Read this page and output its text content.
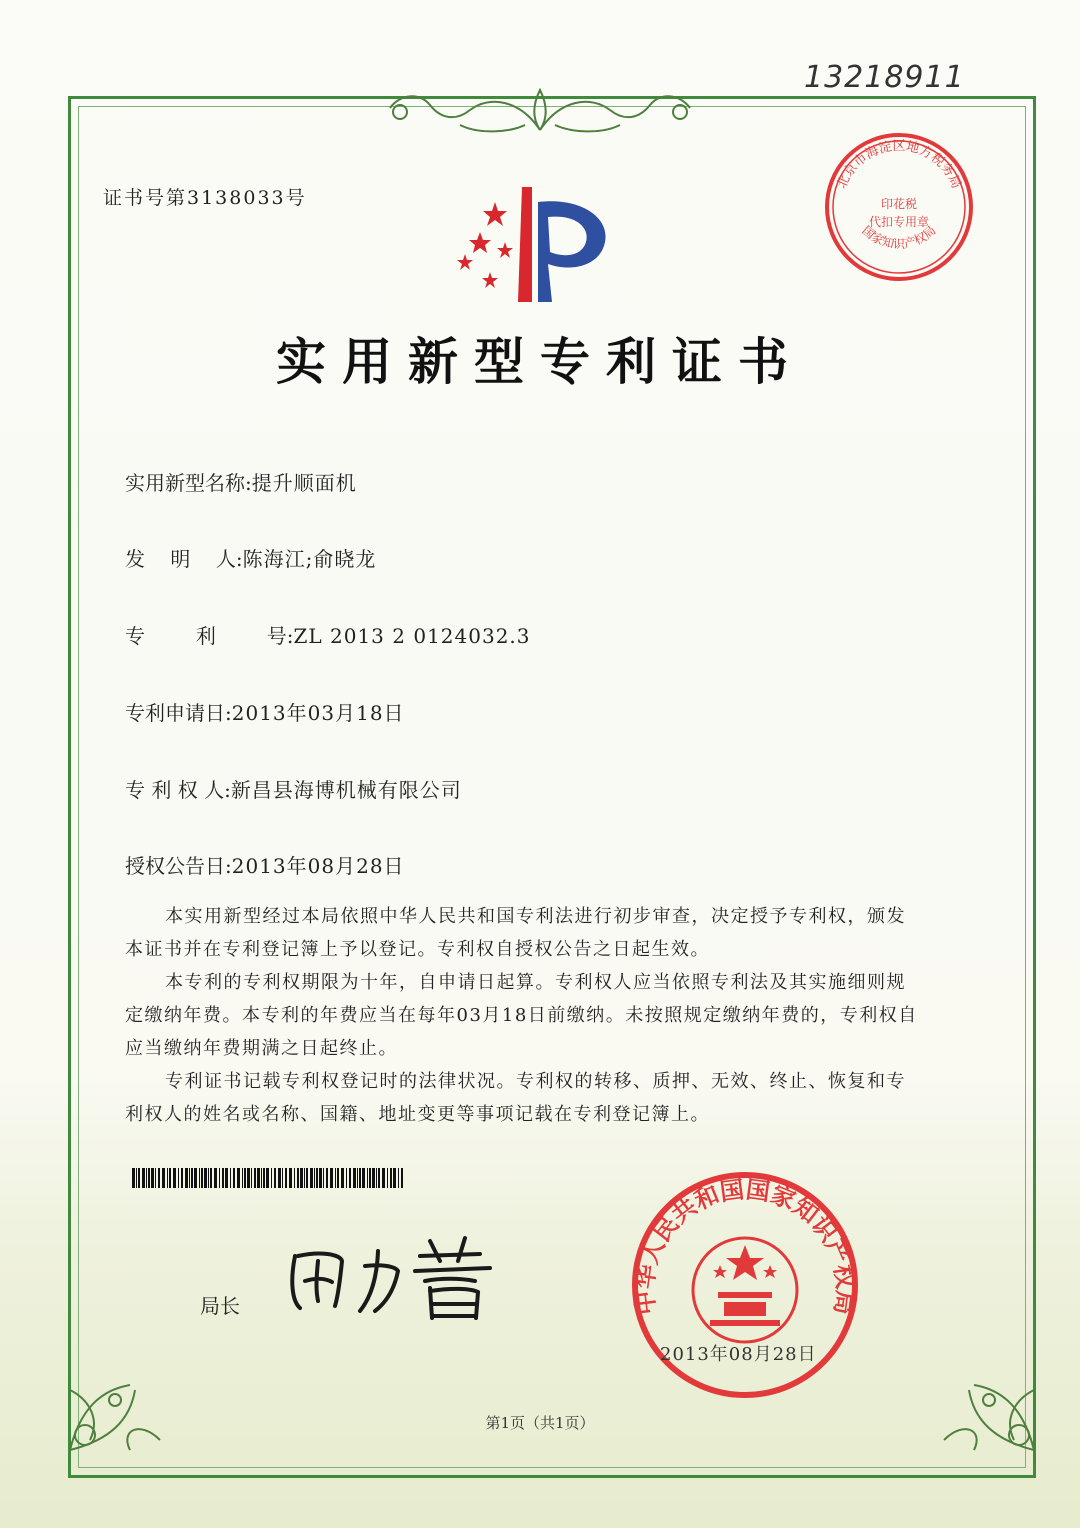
13218911
证书号第3138033号
北京市海淀区地方税务局
印花税
代扣专用章
国家知识产权局
实用新型专利证书
实用新型名称:提升顺面机
发    明    人:陈海江;俞晓龙
专        利        号:ZL 2013 2 0124032.3
专利申请日:2013年03月18日
专 利 权 人:新昌县海博机械有限公司
授权公告日:2013年08月28日

本实用新型经过本局依照中华人民共和国专利法进行初步审查，决定授予专利权，颁发本证书并在专利登记簿上予以登记。专利权自授权公告之日起生效。

本专利的专利权期限为十年，自申请日起算。专利权人应当依照专利法及其实施细则规定缴纳年费。本专利的年费应当在每年03月18日前缴纳。未按照规定缴纳年费的，专利权自应当缴纳年费期满之日起终止。

专利证书记载专利权登记时的法律状况。专利权的转移、质押、无效、终止、恢复和专利权人的姓名或名称、国籍、地址变更等事项记载在专利登记簿上。

局长	中华人民共和国国家知识产权局
2013年08月28日
第1页（共1页）
